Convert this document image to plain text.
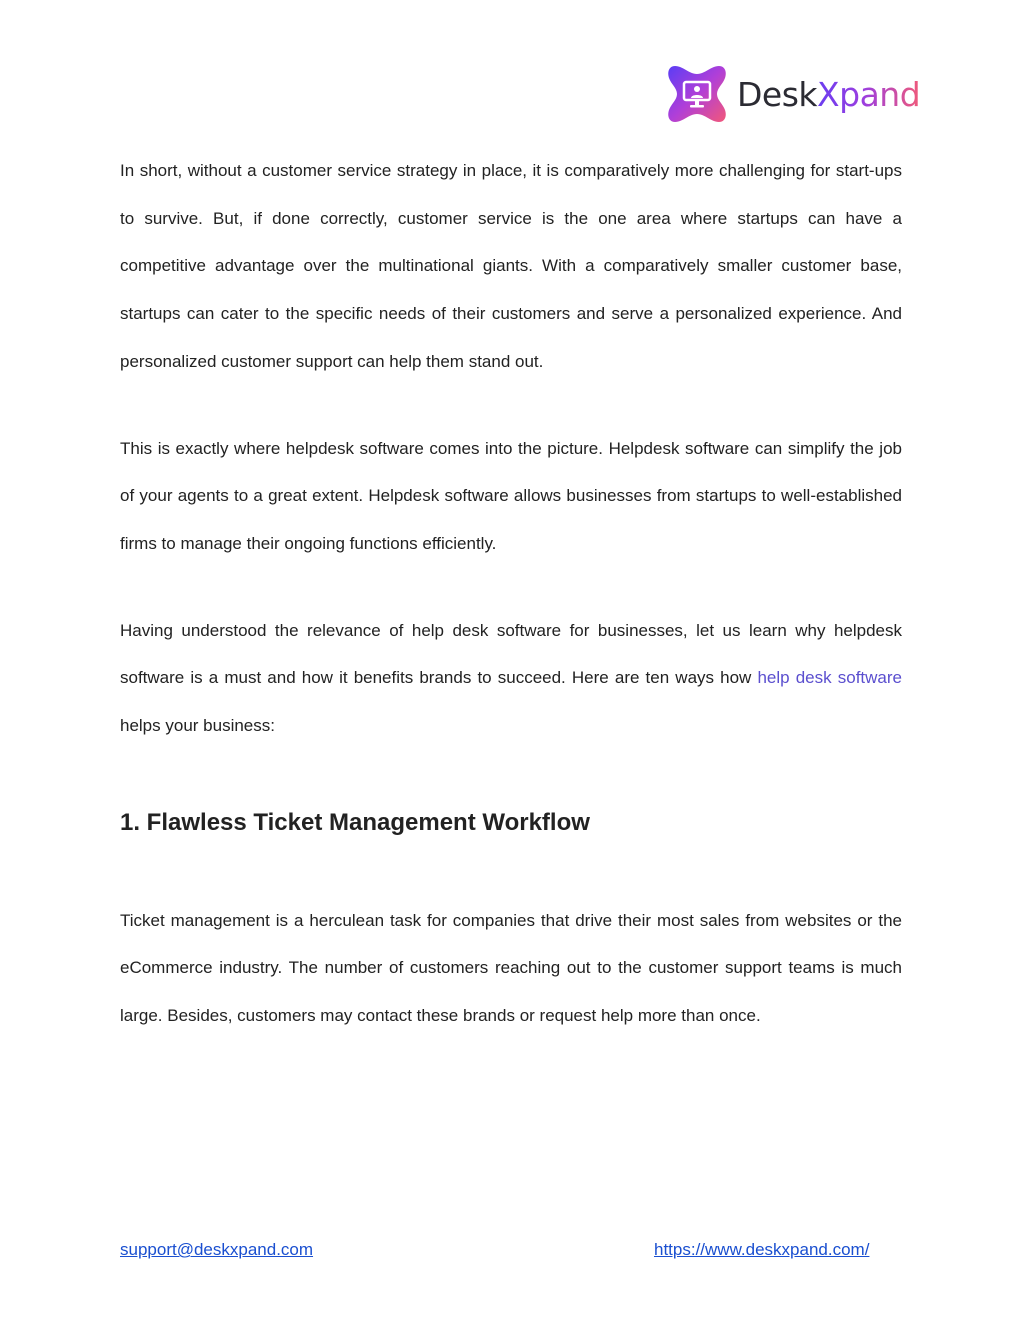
DeskXpand

In short, without a customer service strategy in place, it is comparatively more challenging for start-ups to survive. But, if done correctly, customer service is the one area where startups can have a competitive advantage over the multinational giants. With a comparatively smaller customer base, startups can cater to the specific needs of their customers and serve a personalized experience. And personalized customer support can help them stand out.

This is exactly where helpdesk software comes into the picture. Helpdesk software can simplify the job of your agents to a great extent. Helpdesk software allows businesses from startups to well-established firms to manage their ongoing functions efficiently.

Having understood the relevance of help desk software for businesses, let us learn why helpdesk software is a must and how it benefits brands to succeed. Here are ten ways how help desk software helps your business:

1. Flawless Ticket Management Workflow

Ticket management is a herculean task for companies that drive their most sales from websites or the eCommerce industry. The number of customers reaching out to the customer support teams is much large. Besides, customers may contact these brands or request help more than once.

support@deskxpand.com	https://www.deskxpand.com/
